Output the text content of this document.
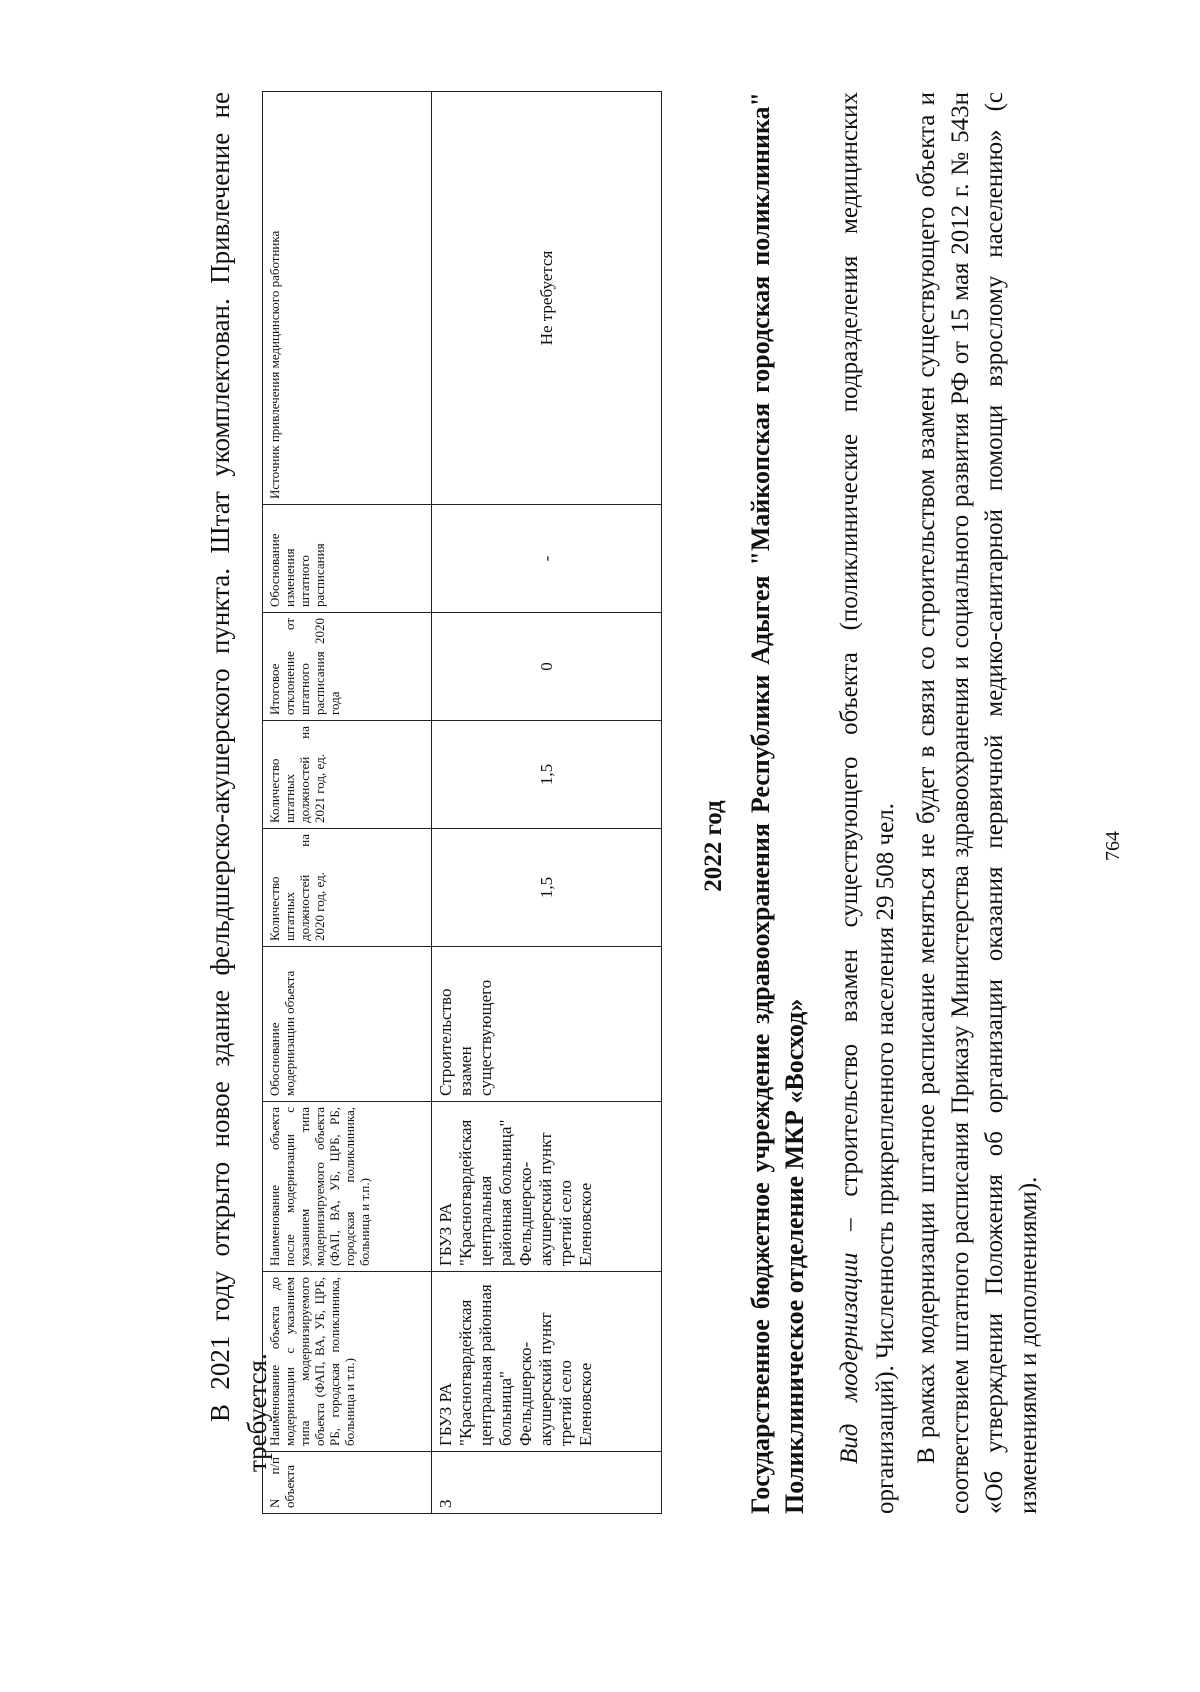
В 2021 году открыто новое здание фельдшерско-акушерского пункта. Штат укомплектован. Привлечение не требуется.

N п/п объекта	Наименование объекта до модернизации с указанием типа модернизируемого объекта (ФАП, ВА, УБ, ЦРБ, РБ, городская поликлиника, больница и т.п.)	Наименование объекта после модернизации с указанием типа модернизируемого объекта (ФАП, ВА, УБ, ЦРБ, РБ, городская поликлиника, больница и т.п.)	Обоснование модернизации объекта	Количество штатных должностей на 2020 год, ед.	Количество штатных должностей на 2021 год, ед.	Итоговое отклонение от штатного расписания 2020 года	Обоснование изменения штатного расписания	Источник привлечения медицинского работника
3	ГБУЗ РА "Красногвардейская центральная районная больница" Фельдшерско-акушерский пункт третий село Еленовское	ГБУЗ РА "Красногвардейская центральная районная больница" Фельдшерско-акушерский пункт третий село Еленовское	Строительство взамен существующего	1,5	1,5	0	-	Не требуется
2022 год Государственное бюджетное учреждение здравоохранения Республики Адыгея "Майкопская городская поликлиника" Поликлиническое отделение МКР «Восход» Вид модернизации – строительство взамен существующего объекта (поликлинические подразделения медицинских организаций). Численность прикрепленного населения 29 508 чел. В рамках модернизации штатное расписание меняться не будет в связи со строительством взамен существующего объекта и соответствием штатного расписания Приказу Министерства здравоохранения и социального развития РФ от 15 мая 2012 г. № 543н «Об утверждении Положения об организации оказания первичной медико-санитарной помощи взрослому населению» (с изменениями и дополнениями).

764
